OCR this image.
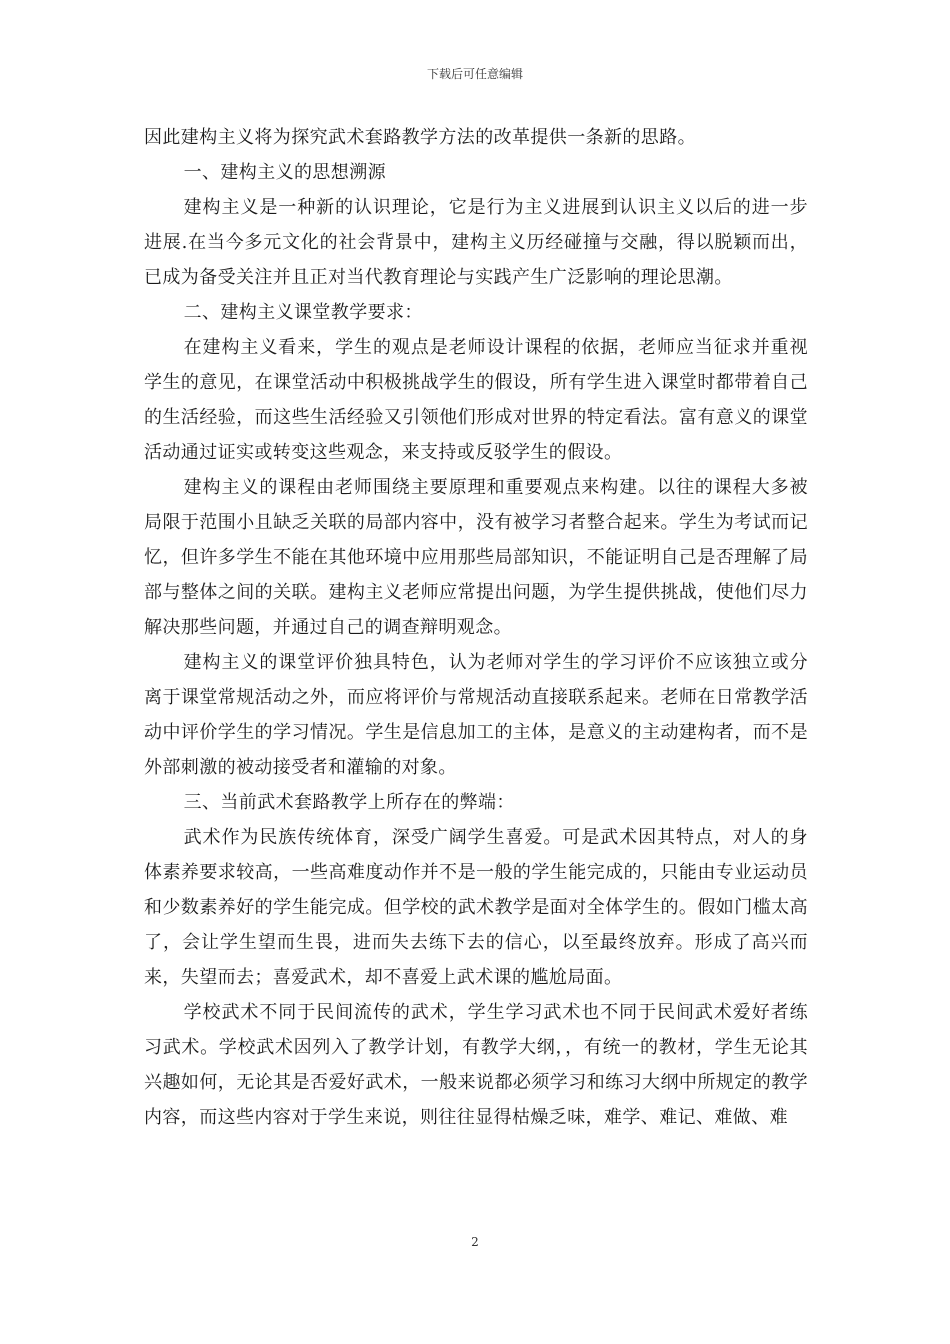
下载后可任意编辑

因此建构主义将为探究武术套路教学方法的改革提供一条新的思路。

一、建构主义的思想溯源

建构主义是一种新的认识理论，它是行为主义进展到认识主义以后的进一步进展.在当今多元文化的社会背景中，建构主义历经碰撞与交融，得以脱颖而出，已成为备受关注并且正对当代教育理论与实践产生广泛影响的理论思潮。

二、建构主义课堂教学要求：

在建构主义看来，学生的观点是老师设计课程的依据，老师应当征求并重视学生的意见，在课堂活动中积极挑战学生的假设，所有学生进入课堂时都带着自己的生活经验，而这些生活经验又引领他们形成对世界的特定看法。富有意义的课堂活动通过证实或转变这些观念，来支持或反驳学生的假设。

建构主义的课程由老师围绕主要原理和重要观点来构建。以往的课程大多被局限于范围小且缺乏关联的局部内容中，没有被学习者整合起来。学生为考试而记忆，但许多学生不能在其他环境中应用那些局部知识，不能证明自己是否理解了局部与整体之间的关联。建构主义老师应常提出问题，为学生提供挑战，使他们尽力解决那些问题，并通过自己的调查辩明观念。

建构主义的课堂评价独具特色，认为老师对学生的学习评价不应该独立或分离于课堂常规活动之外，而应将评价与常规活动直接联系起来。老师在日常教学活动中评价学生的学习情况。学生是信息加工的主体，是意义的主动建构者，而不是外部刺激的被动接受者和灌输的对象。

三、当前武术套路教学上所存在的弊端：

武术作为民族传统体育，深受广阔学生喜爱。可是武术因其特点，对人的身体素养要求较高，一些高难度动作并不是一般的学生能完成的，只能由专业运动员和少数素养好的学生能完成。但学校的武术教学是面对全体学生的。假如门槛太高了，会让学生望而生畏，进而失去练下去的信心，以至最终放弃。形成了高兴而来，失望而去；喜爱武术，却不喜爱上武术课的尴尬局面。

学校武术不同于民间流传的武术，学生学习武术也不同于民间武术爱好者练习武术。学校武术因列入了教学计划，有教学大纲，，有统一的教材，学生无论其兴趣如何，无论其是否爱好武术，一般来说都必须学习和练习大纲中所规定的教学内容，而这些内容对于学生来说，则往往显得枯燥乏味，难学、难记、难做、难

2
